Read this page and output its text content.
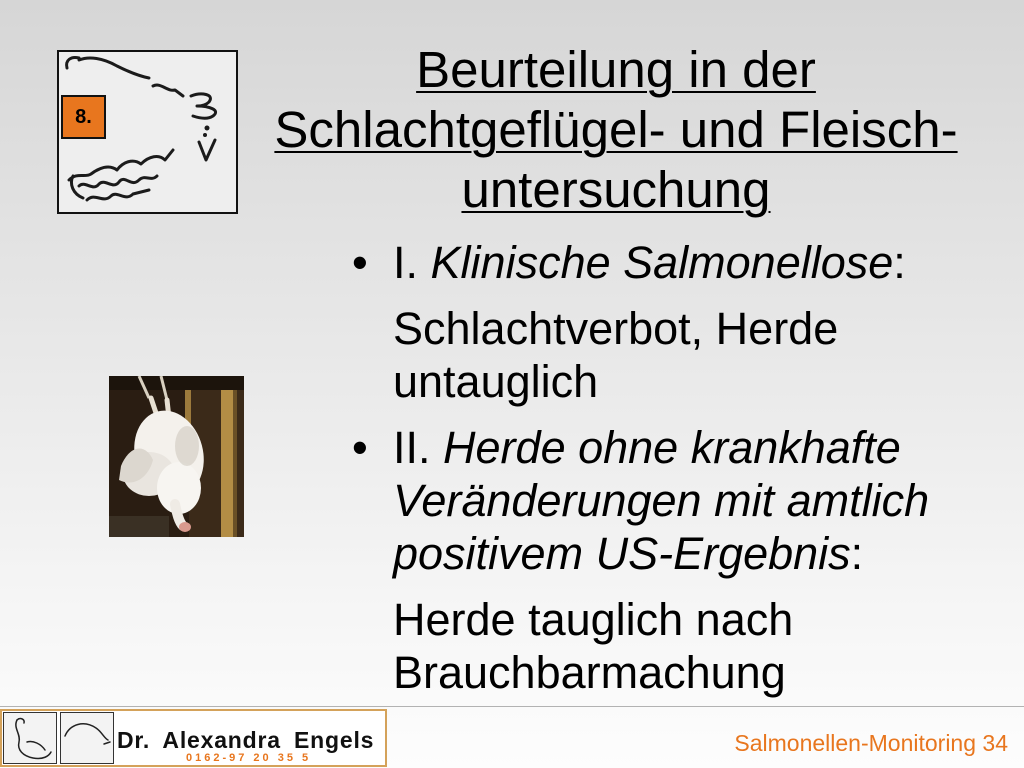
8.
Beurteilung in der
Schlachtgeflügel- und Fleisch-
untersuchung
• I. Klinische Salmonellose:
Schlachtverbot, Herde
untauglich
• II. Herde ohne krankhafte
Veränderungen mit amtlich
positivem US-Ergebnis:
Herde tauglich nach
Brauchbarmachung
Dr. Alexandra Engels
0162-97 20 35 5
Salmonellen-Monitoring 34
